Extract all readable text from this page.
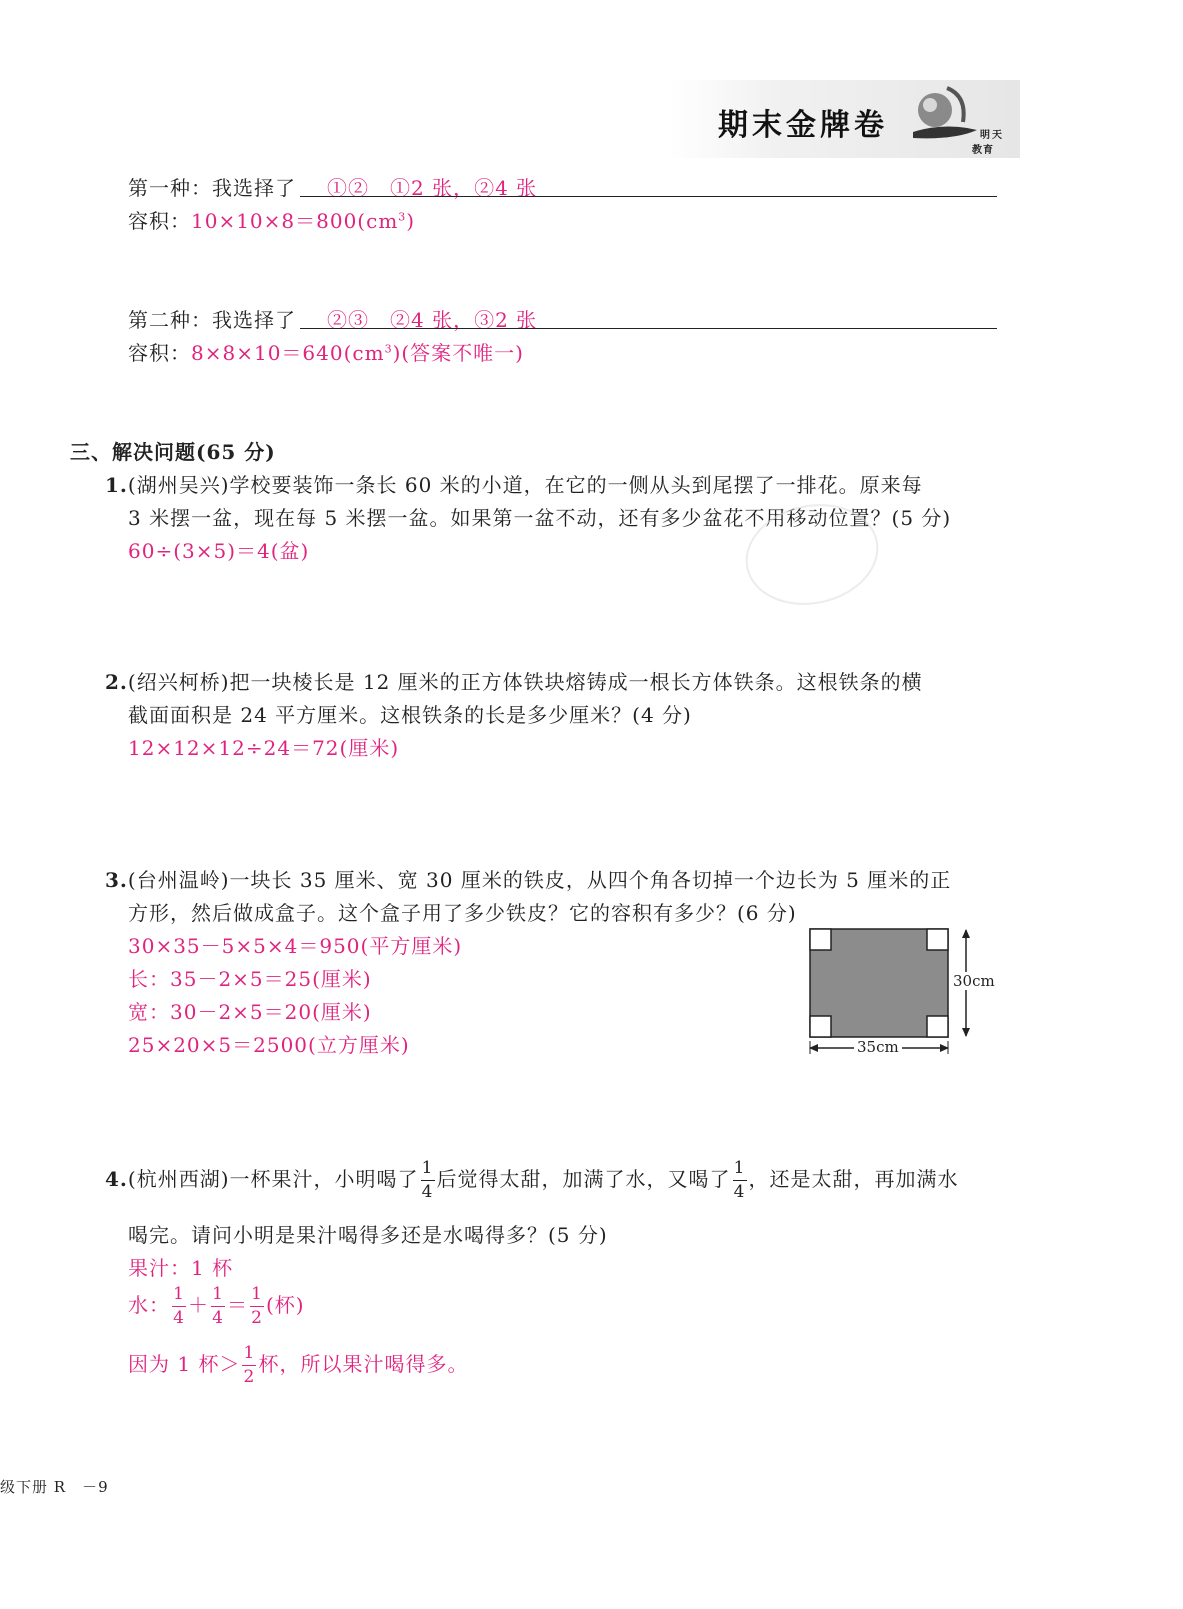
期末金牌卷	明天
教育
第一种：我选择了 ①②　①2 张，②4 张
容积：$10\times 10\times 8=800(cm^3)$
第二种：我选择了 ②③　②4 张，③2 张
容积：$8\times 8\times 10=640(cm^3)$(答案不唯一)
三、解决问题(65 分)
1.(湖州吴兴)学校要装饰一条长 60 米的小道，在它的一侧从头到尾摆了一排花。原来每
3 米摆一盆，现在每 5 米摆一盆。如果第一盆不动，还有多少盆花不用移动位置？(5 分)
60÷(3×5)＝4(盆)
2.(绍兴柯桥)把一块棱长是 12 厘米的正方体铁块熔铸成一根长方体铁条。这根铁条的横
截面面积是 24 平方厘米。这根铁条的长是多少厘米？(4 分)
12×12×12÷24＝72(厘米)
3.(台州温岭)一块长 35 厘米、宽 30 厘米的铁皮，从四个角各切掉一个边长为 5 厘米的正
方形，然后做成盒子。这个盒子用了多少铁皮？它的容积有多少？(6 分)
30×35－5×5×4＝950(平方厘米)
长：35－2×5＝25(厘米)
宽：30－2×5＝20(厘米)
25×20×5＝2500(立方厘米)
30cm
35cm
4.(杭州西湖)一杯果汁，小明喝了 $\frac{1}{4}$ 后觉得太甜，加满了水，又喝了 $\frac{1}{4}$ ，还是太甜，再加满水
喝完。请问小明是果汁喝得多还是水喝得多？(5 分)
果汁：1 杯
水： $\frac{1}{4} + \frac{1}{4} = \frac{1}{2}$ (杯)
因为 1 杯＞ $\frac{1}{2}$ 杯，所以果汁喝得多。
级下册 R　－9
